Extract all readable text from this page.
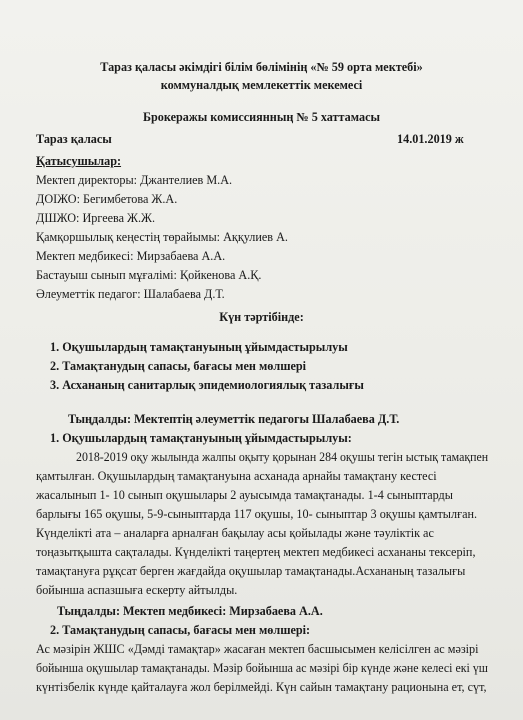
Тараз қаласы әкімдігі білім бөлімінің «№ 59 орта мектебі»
коммуналдық мемлекеттік мекемесі
Брокеражы комиссиянның № 5 хаттамасы
Тараз қаласы	14.01.2019 ж
Қатысушылар:
Мектеп директоры: Джантелиев М.А.
ДОІЖО: Бегимбетова Ж.А.
ДШЖО: Иргеева Ж.Ж.
Қамқоршылық кеңестің төрайымы: Аққулиев А.
Мектеп медбикесі: Мирзабаева А.А.
Бастауыш сынып мұғалімі: Қойкенова А.Қ.
Әлеуметтік педагог: Шалабаева Д.Т.
Күн тәртібінде:
1. Оқушылардың тамақтануының ұйымдастырылуы
2. Тамақтанудың сапасы, бағасы мен мөлшері
3. Асхананың санитарлық эпидемиологиялық тазалығы
Тыңдалды: Мектептің әлеуметтік педагогы Шалабаева Д.Т.
1. Оқушылардың тамақтануының ұйымдастырылуы:
2018-2019 оқу жылында жалпы оқыту қорынан 284 оқушы тегін ыстық тамақпен
қамтылған. Оқушылардың тамақтануына асханада арнайы тамақтану кестесі
жасалынып 1- 10 сынып оқушылары 2 ауысымда тамақтанады. 1-4 сыныптарды
барлығы 165 оқушы, 5-9-сыныптарда 117 оқушы, 10- сыныптар 3 оқушы қамтылған.
Күнделікті ата – аналарға арналған бақылау асы қойылады және тәуліктік ас
тоңазытқышта сақталады. Күнделікті таңертең мектеп медбикесі асхананы тексеріп,
тамақтануға рұқсат берген жағдайда оқушылар тамақтанады.Асхананың тазалығы
бойынша аспазшыға ескерту айтылды.
Тыңдалды: Мектеп медбикесі: Мирзабаева А.А.
2. Тамақтанудың сапасы, бағасы мен мөлшері:
Ас мәзірін ЖШС «Дәмді тамақтар» жасаған мектеп басшысымен келісілген ас мәзірі
бойынша оқушылар тамақтанады. Мәзір бойынша ас мәзірі бір күнде және келесі екі үш
күнтізбелік күнде қайталауға жол берілмейді. Күн сайын тамақтану рационына ет, сүт,
